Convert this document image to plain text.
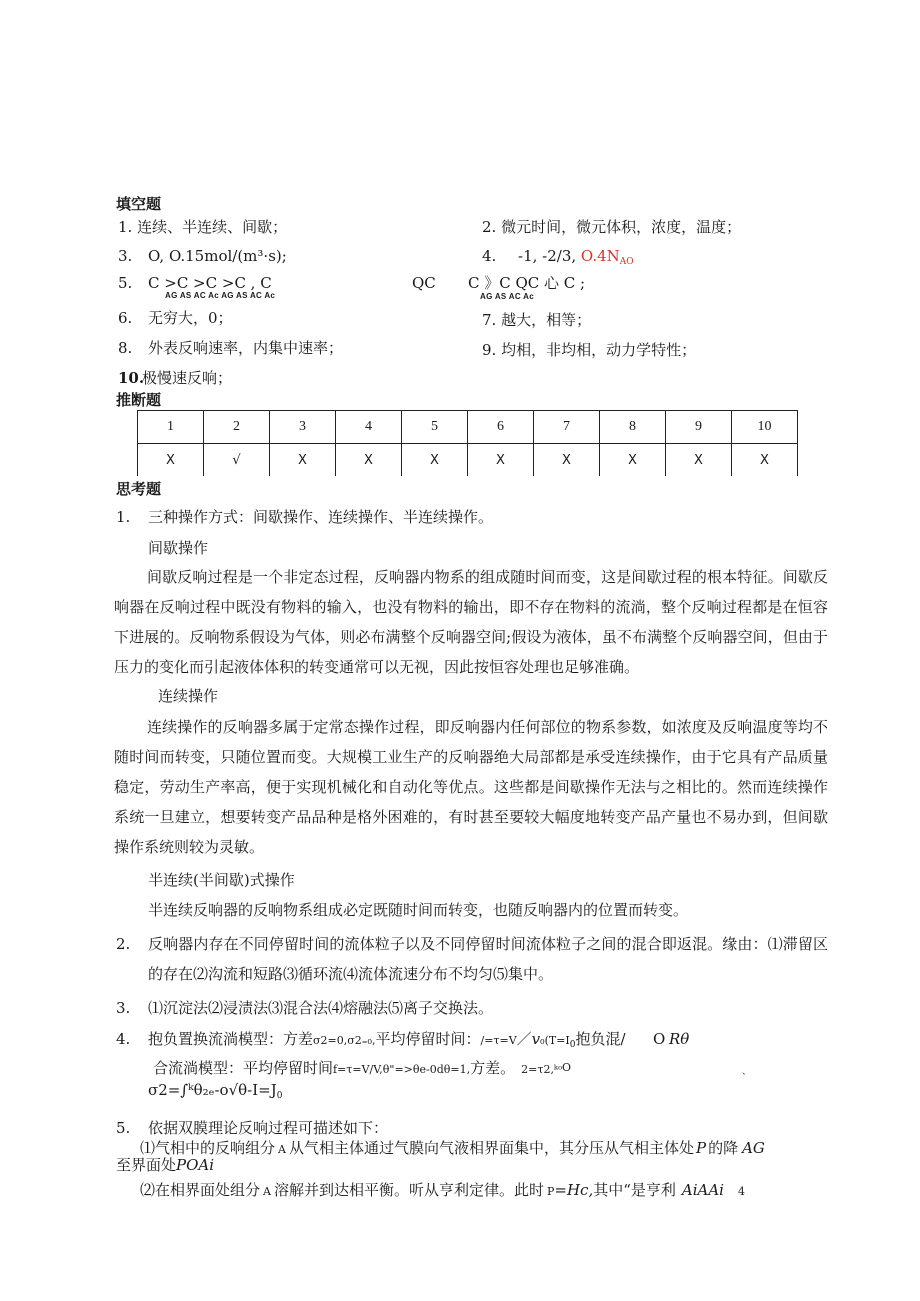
填空题
1. 连续、半连续、间歇；	2. 微元时间，微元体积，浓度，温度；
3. O, O.15mol/(m³·s);	4. -1, -2/3, $O.4N_{AO}$
5. C >C >C >C , C
AG AS AC Ac AG AS AC Ac
QC C 》C QC 心 C ;
AG AS AC Ac
6. 无穷大，0；	7. 越大，相等；
8. 外表反响速率，内集中速率；	9. 均相，非均相，动力学特性；
10.
极慢速反响；
推断题
1	2	3	4	5	6	7	8	9	10
X	√	X	X	X	X	X	X	X	X
思考题
1. 三种操作方式：间歇操作、连续操作、半连续操作。
间歇操作
间歇反响过程是一个非定态过程，反响器内物系的组成随时间而变，这是间歇过程的根本特征。间歇反响器在反响过程中既没有物料的输入，也没有物料的输出，即不存在物料的流淌，整个反响过程都是在恒容下进展的。反响物系假设为气体，则必布满整个反响器空间;假设为液体，虽不布满整个反响器空间，但由于压力的变化而引起液体体积的转变通常可以无视，因此按恒容处理也足够准确。
连续操作
连续操作的反响器多属于定常态操作过程，即反响器内任何部位的物系参数，如浓度及反响温度等均不随时间而转变，只随位置而变。大规模工业生产的反响器绝大局部都是承受连续操作，由于它具有产品质量稳定，劳动生产率高，便于实现机械化和自动化等优点。这些都是间歇操作无法与之相比的。然而连续操作系统一旦建立，想要转变产品品种是格外困难的，有时甚至要较大幅度地转变产品产量也不易办到，但间歇操作系统则较为灵敏。
半连续(半间歇)式操作
半连续反响器的反响物系组成必定既随时间而转变，也随反响器内的位置而转变。
2. 反响器内存在不同停留时间的流体粒子以及不同停留时间流体粒子之间的混合即返混。缘由：⑴滞留区的存在⑵沟流和短路⑶循环流⑷流体流速分布不均匀⑸集中。
3. ⑴沉淀法⑵浸渍法⑶混合法⑷熔融法⑸离子交换法。
4. 抱负置换流淌模型：方差σ2=0,σ2₌₀,平均停留时间：$/=\tau=V/v_0(T=I_0$抱负混/ O Rθ
合流淌模型：平均停留时间f=τ=V/V,θ"=>θe-0dθ=1,方差。 2=τ2,ᵏᵒ O	、
$\sigma 2=\int ᵏ\theta_{2e}-o√\theta-I=J_0$
5. 依据双膜理论反响过程可描述如下：
⑴气相中的反响组分 A 从气相主体通过气膜向气液相界面集中，其分压从气相主体处 P 的降 AG
至界面处POAi
⑵在相界面处组分 A 溶解并到达相平衡。听从亨利定律。此时 P=Hc,其中“是亨利 AiAAi 4
